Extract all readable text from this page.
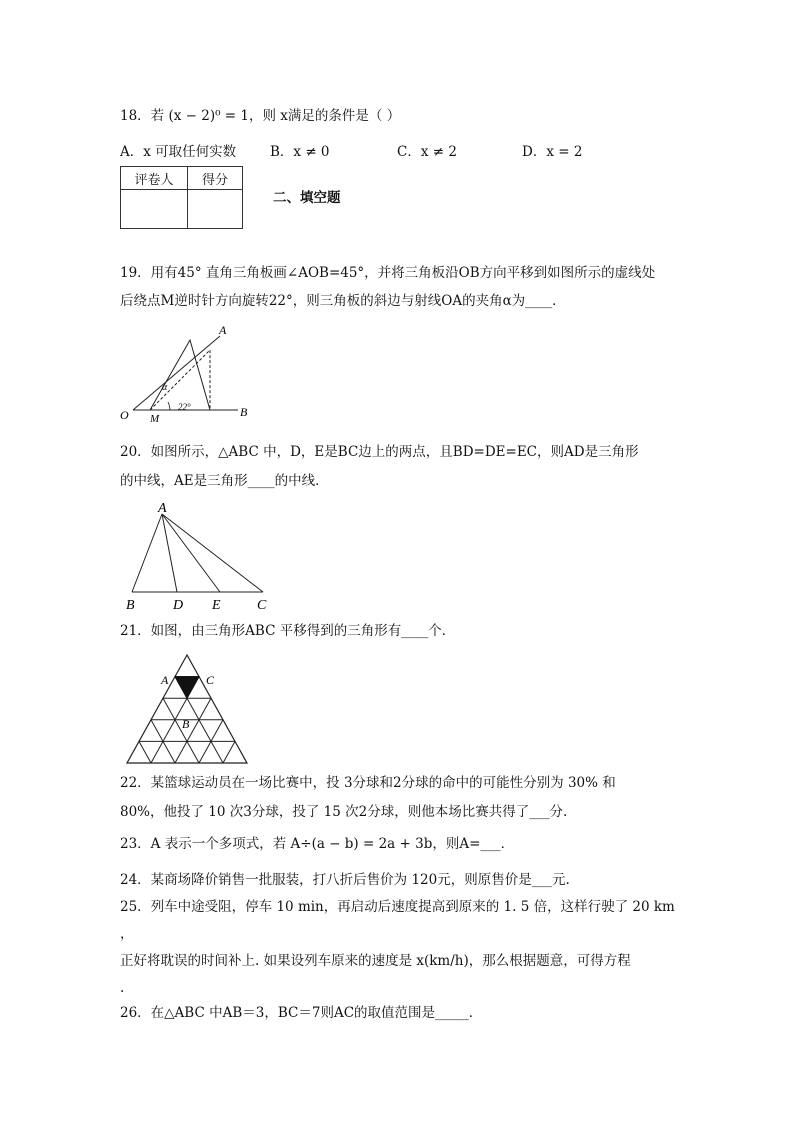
18．若 (x − 2)⁰ = 1，则 x满足的条件是（ ）
A．x 可取任何实数	B．x ≠ 0	C．x ≠ 2	D．x = 2
评卷人	得分

二、填空题
19．用有45° 直角三角板画∠AOB=45°，并将三角板沿OB方向平移到如图所示的虚线处
后绕点M逆时针方向旋转22°，则三角板的斜边与射线OA的夹角α为____．
A
O M	B
α
22°
20．如图所示，△ABC 中，D，E是BC边上的两点，且BD=DE=EC，则AD是三角形
的中线，AE是三角形____的中线．
A
B	D E	C
21．如图，由三角形ABC 平移得到的三角形有____个．
A	C
B
22．某篮球运动员在一场比赛中，投 3分球和2分球的命中的可能性分别为 30% 和
80%，他投了 10 次3分球，投了 15 次2分球，则他本场比赛共得了___分.
23．A 表示一个多项式，若 A÷(a − b) = 2a + 3b，则A=___．
24．某商场降价销售一批服装，打八折后售价为 120元，则原售价是___元.
25．列车中途受阻，停车 10 min，再启动后速度提高到原来的 1. 5 倍，这样行驶了 20 km
，
正好将耽误的时间补上. 如果设列车原来的速度是 x(km/h)，那么根据题意，可得方程
.
26．在△ABC 中AB＝3，BC＝7则AC的取值范围是_____．
